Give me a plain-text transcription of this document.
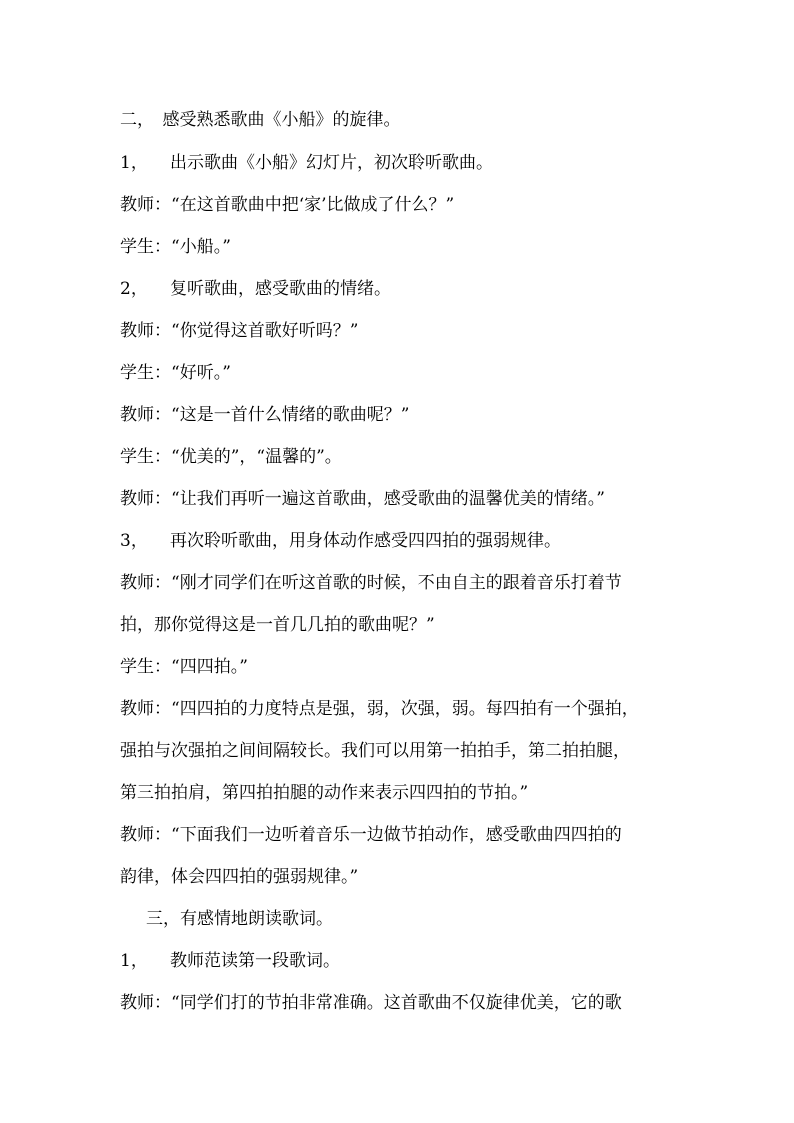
二，　感受熟悉歌曲《小船》的旋律。
1， 出示歌曲《小船》幻灯片，初次聆听歌曲。
教师：“在这首歌曲中把‘家’比做成了什么？”
学生：“小船。”
2， 复听歌曲，感受歌曲的情绪。
教师：“你觉得这首歌好听吗？”
学生：“好听。”
教师：“这是一首什么情绪的歌曲呢？”
学生：“优美的”，“温馨的”。
教师：“让我们再听一遍这首歌曲，感受歌曲的温馨优美的情绪。”
3， 再次聆听歌曲，用身体动作感受四四拍的强弱规律。
教师：“刚才同学们在听这首歌的时候，不由自主的跟着音乐打着节
拍，那你觉得这是一首几几拍的歌曲呢？”
学生：“四四拍。”
教师：“四四拍的力度特点是强，弱，次强，弱。每四拍有一个强拍，
强拍与次强拍之间间隔较长。我们可以用第一拍拍手，第二拍拍腿，
第三拍拍肩，第四拍拍腿的动作来表示四四拍的节拍。”
教师：“下面我们一边听着音乐一边做节拍动作，感受歌曲四四拍的
韵律，体会四四拍的强弱规律。”
三，有感情地朗读歌词。
1， 教师范读第一段歌词。
教师：“同学们打的节拍非常准确。这首歌曲不仅旋律优美，它的歌
